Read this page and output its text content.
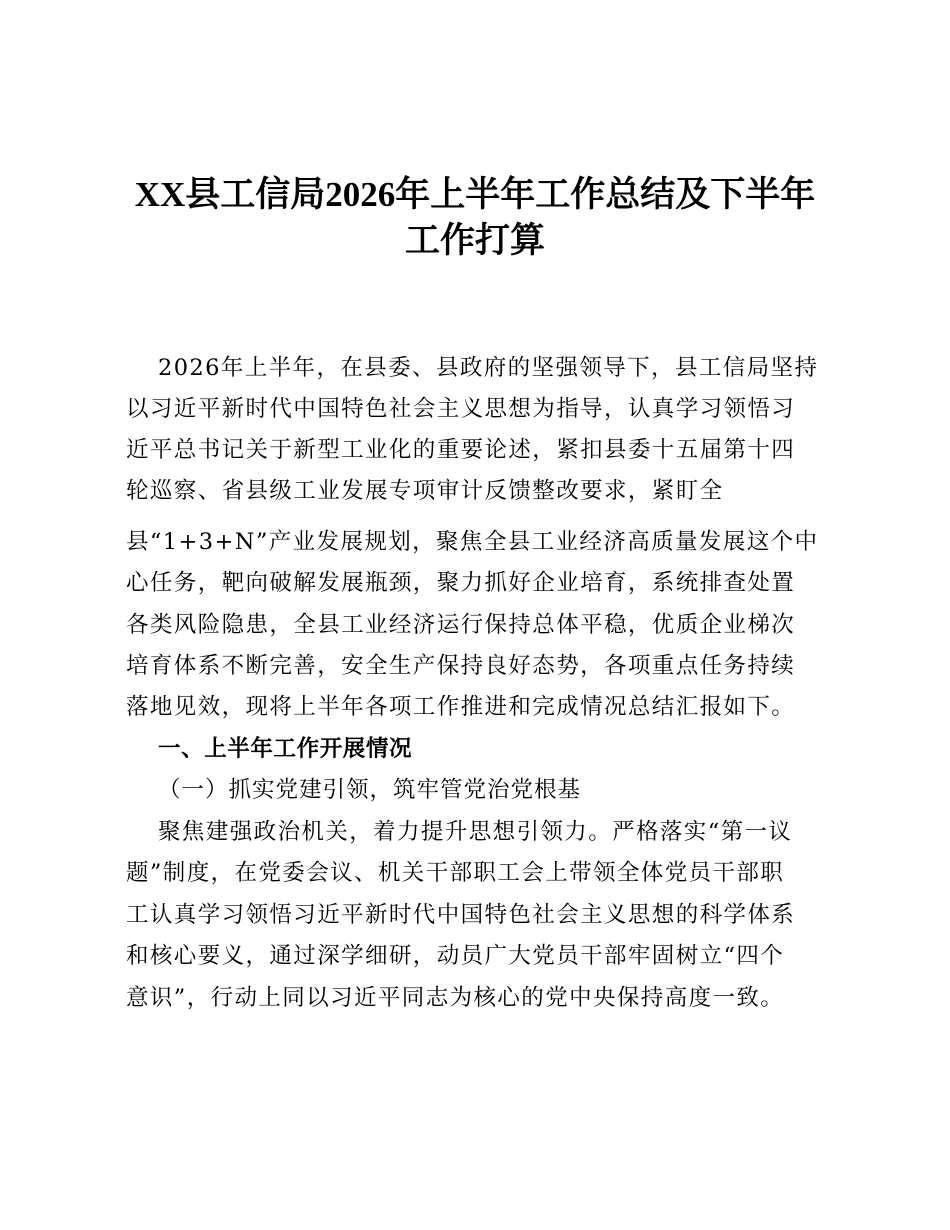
XX县工信局2026年上半年工作总结及下半年
工作打算
2026年上半年，在县委、县政府的坚强领导下，县工信局坚持
以习近平新时代中国特色社会主义思想为指导，认真学习领悟习
近平总书记关于新型工业化的重要论述，紧扣县委十五届第十四
轮巡察、省县级工业发展专项审计反馈整改要求，紧盯全
县“1+3+N”产业发展规划，聚焦全县工业经济高质量发展这个中
心任务，靶向破解发展瓶颈，聚力抓好企业培育，系统排查处置
各类风险隐患，全县工业经济运行保持总体平稳，优质企业梯次
培育体系不断完善，安全生产保持良好态势，各项重点任务持续
落地见效，现将上半年各项工作推进和完成情况总结汇报如下。
一、上半年工作开展情况
（一）抓实党建引领，筑牢管党治党根基
聚焦建强政治机关，着力提升思想引领力。严格落实“第一议
题”制度，在党委会议、机关干部职工会上带领全体党员干部职
工认真学习领悟习近平新时代中国特色社会主义思想的科学体系
和核心要义，通过深学细研，动员广大党员干部牢固树立“四个
意识”，行动上同以习近平同志为核心的党中央保持高度一致。
